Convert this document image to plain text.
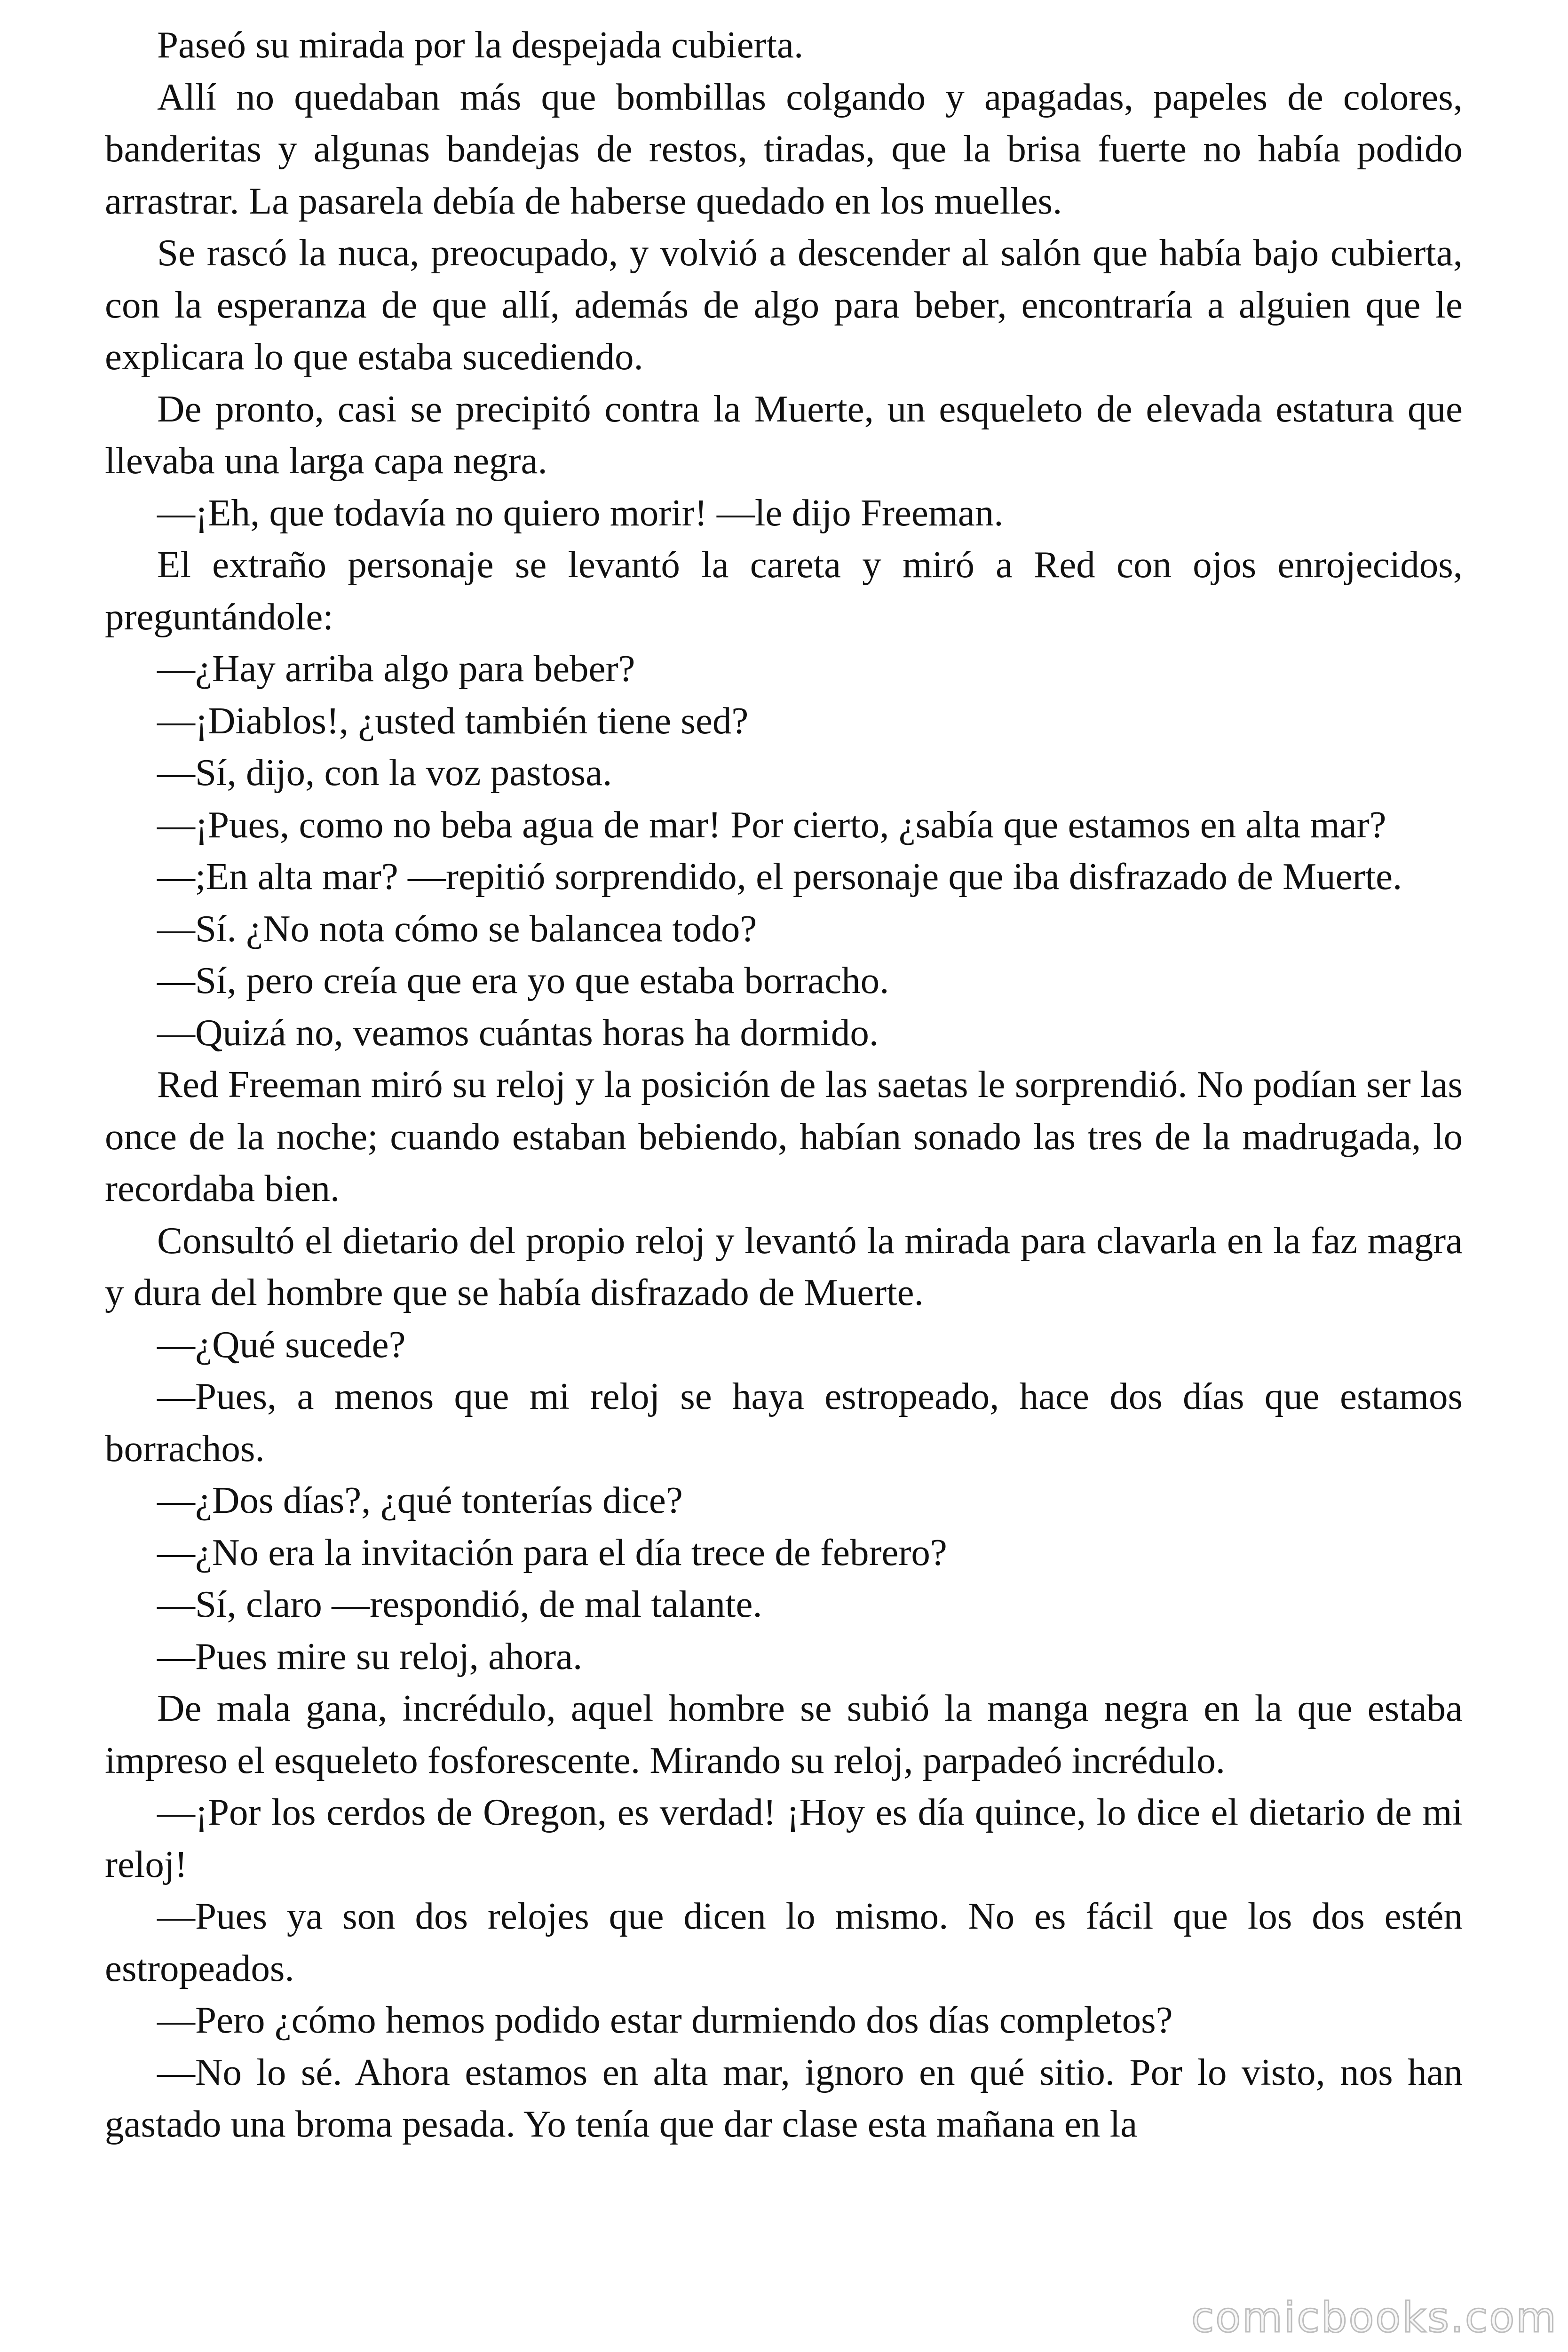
Paseó su mirada por la despejada cubierta.

Allí no quedaban más que bombillas colgando y apagadas, papeles de colores, banderitas y algunas bandejas de restos, tiradas, que la brisa fuerte no había podido arrastrar. La pasarela debía de haberse quedado en los muelles.

Se rascó la nuca, preocupado, y volvió a descender al salón que había bajo cubierta, con la esperanza de que allí, además de algo para beber, encontraría a alguien que le explicara lo que estaba sucediendo.

De pronto, casi se precipitó contra la Muerte, un esqueleto de elevada estatura que llevaba una larga capa negra.

—¡Eh, que todavía no quiero morir! —le dijo Freeman.

El extraño personaje se levantó la careta y miró a Red con ojos enrojecidos, preguntándole:

—¿Hay arriba algo para beber?

—¡Diablos!, ¿usted también tiene sed?

—Sí, dijo, con la voz pastosa.

—¡Pues, como no beba agua de mar! Por cierto, ¿sabía que estamos en alta mar?

—;En alta mar? —repitió sorprendido, el personaje que iba disfrazado de Muerte.

—Sí. ¿No nota cómo se balancea todo?

—Sí, pero creía que era yo que estaba borracho.

—Quizá no, veamos cuántas horas ha dormido.

Red Freeman miró su reloj y la posición de las saetas le sorprendió. No podían ser las once de la noche; cuando estaban bebiendo, habían sonado las tres de la madrugada, lo recordaba bien.

Consultó el dietario del propio reloj y levantó la mirada para clavarla en la faz magra y dura del hombre que se había disfrazado de Muerte.

—¿Qué sucede?

—Pues, a menos que mi reloj se haya estropeado, hace dos días que estamos borrachos.

—¿Dos días?, ¿qué tonterías dice?

—¿No era la invitación para el día trece de febrero?

—Sí, claro —respondió, de mal talante.

—Pues mire su reloj, ahora.

De mala gana, incrédulo, aquel hombre se subió la manga negra en la que estaba impreso el esqueleto fosforescente. Mirando su reloj, parpadeó incrédulo.

—¡Por los cerdos de Oregon, es verdad! ¡Hoy es día quince, lo dice el dietario de mi reloj!

—Pues ya son dos relojes que dicen lo mismo. No es fácil que los dos estén estropeados.

—Pero ¿cómo hemos podido estar durmiendo dos días completos?

—No lo sé. Ahora estamos en alta mar, ignoro en qué sitio. Por lo visto, nos han gastado una broma pesada. Yo tenía que dar clase esta mañana en la

comicbooks.com
